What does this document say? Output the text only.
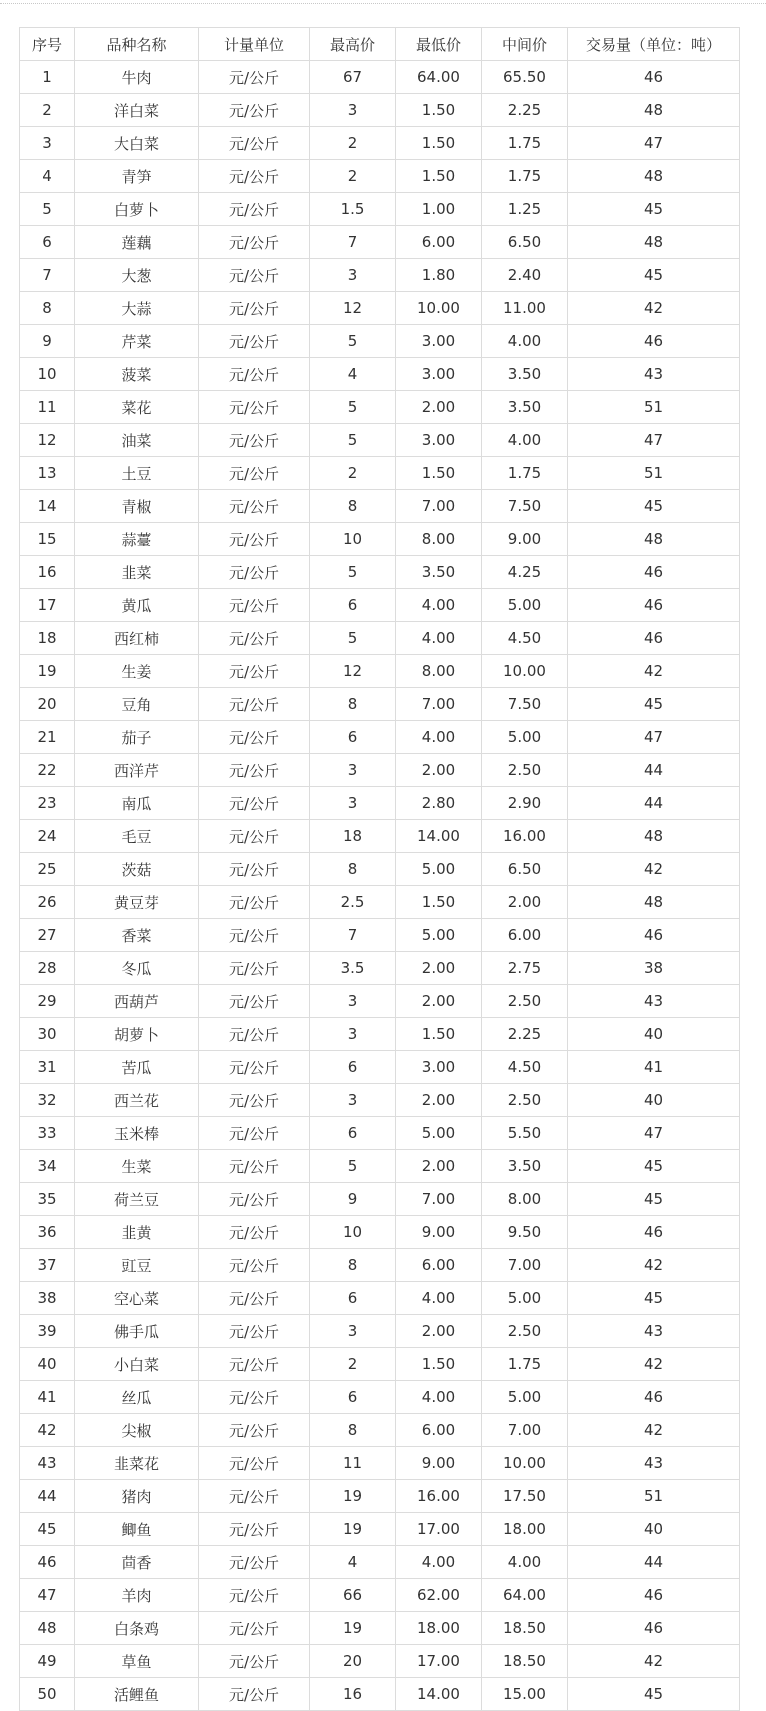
序号	品种名称	计量单位	最高价	最低价	中间价	交易量（单位：吨）
1	牛肉	元/公斤	67	64.00	65.50	46
2	洋白菜	元/公斤	3	1.50	2.25	48
3	大白菜	元/公斤	2	1.50	1.75	47
4	青笋	元/公斤	2	1.50	1.75	48
5	白萝卜	元/公斤	1.5	1.00	1.25	45
6	莲藕	元/公斤	7	6.00	6.50	48
7	大葱	元/公斤	3	1.80	2.40	45
8	大蒜	元/公斤	12	10.00	11.00	42
9	芹菜	元/公斤	5	3.00	4.00	46
10	菠菜	元/公斤	4	3.00	3.50	43
11	菜花	元/公斤	5	2.00	3.50	51
12	油菜	元/公斤	5	3.00	4.00	47
13	土豆	元/公斤	2	1.50	1.75	51
14	青椒	元/公斤	8	7.00	7.50	45
15	蒜薹	元/公斤	10	8.00	9.00	48
16	韭菜	元/公斤	5	3.50	4.25	46
17	黄瓜	元/公斤	6	4.00	5.00	46
18	西红柿	元/公斤	5	4.00	4.50	46
19	生姜	元/公斤	12	8.00	10.00	42
20	豆角	元/公斤	8	7.00	7.50	45
21	茄子	元/公斤	6	4.00	5.00	47
22	西洋芹	元/公斤	3	2.00	2.50	44
23	南瓜	元/公斤	3	2.80	2.90	44
24	毛豆	元/公斤	18	14.00	16.00	48
25	茨菇	元/公斤	8	5.00	6.50	42
26	黄豆芽	元/公斤	2.5	1.50	2.00	48
27	香菜	元/公斤	7	5.00	6.00	46
28	冬瓜	元/公斤	3.5	2.00	2.75	38
29	西葫芦	元/公斤	3	2.00	2.50	43
30	胡萝卜	元/公斤	3	1.50	2.25	40
31	苦瓜	元/公斤	6	3.00	4.50	41
32	西兰花	元/公斤	3	2.00	2.50	40
33	玉米棒	元/公斤	6	5.00	5.50	47
34	生菜	元/公斤	5	2.00	3.50	45
35	荷兰豆	元/公斤	9	7.00	8.00	45
36	韭黄	元/公斤	10	9.00	9.50	46
37	豇豆	元/公斤	8	6.00	7.00	42
38	空心菜	元/公斤	6	4.00	5.00	45
39	佛手瓜	元/公斤	3	2.00	2.50	43
40	小白菜	元/公斤	2	1.50	1.75	42
41	丝瓜	元/公斤	6	4.00	5.00	46
42	尖椒	元/公斤	8	6.00	7.00	42
43	韭菜花	元/公斤	11	9.00	10.00	43
44	猪肉	元/公斤	19	16.00	17.50	51
45	鲫鱼	元/公斤	19	17.00	18.00	40
46	茴香	元/公斤	4	4.00	4.00	44
47	羊肉	元/公斤	66	62.00	64.00	46
48	白条鸡	元/公斤	19	18.00	18.50	46
49	草鱼	元/公斤	20	17.00	18.50	42
50	活鲤鱼	元/公斤	16	14.00	15.00	45
